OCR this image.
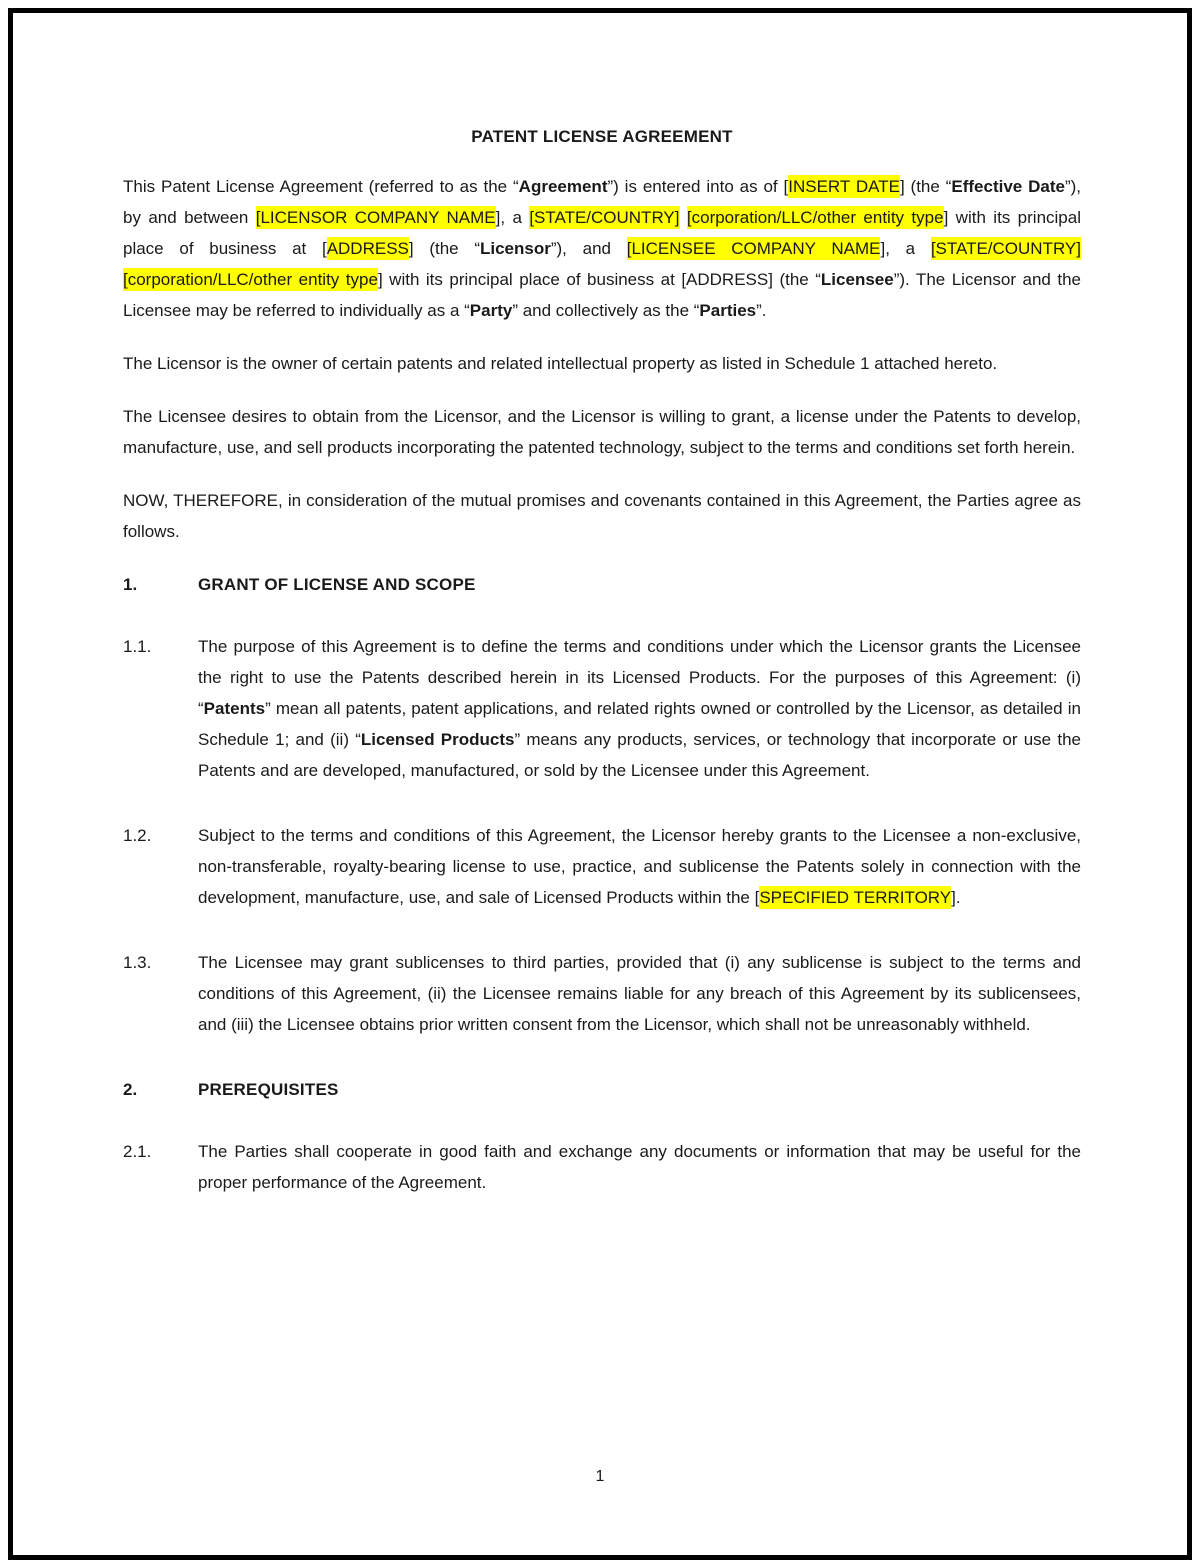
PATENT LICENSE AGREEMENT
This Patent License Agreement (referred to as the “Agreement”) is entered into as of [INSERT DATE] (the “Effective Date”), by and between [LICENSOR COMPANY NAME], a [STATE/COUNTRY] [corporation/LLC/other entity type] with its principal place of business at [ADDRESS] (the “Licensor”), and [LICENSEE COMPANY NAME], a [STATE/COUNTRY] [corporation/LLC/other entity type] with its principal place of business at [ADDRESS] (the “Licensee”). The Licensor and the Licensee may be referred to individually as a “Party” and collectively as the “Parties”.
The Licensor is the owner of certain patents and related intellectual property as listed in Schedule 1 attached hereto.
The Licensee desires to obtain from the Licensor, and the Licensor is willing to grant, a license under the Patents to develop, manufacture, use, and sell products incorporating the patented technology, subject to the terms and conditions set forth herein.
NOW, THEREFORE, in consideration of the mutual promises and covenants contained in this Agreement, the Parties agree as follows.
1.	GRANT OF LICENSE AND SCOPE
1.1.	The purpose of this Agreement is to define the terms and conditions under which the Licensor grants the Licensee the right to use the Patents described herein in its Licensed Products. For the purposes of this Agreement: (i) “Patents” mean all patents, patent applications, and related rights owned or controlled by the Licensor, as detailed in Schedule 1; and (ii) “Licensed Products” means any products, services, or technology that incorporate or use the Patents and are developed, manufactured, or sold by the Licensee under this Agreement.
1.2.	Subject to the terms and conditions of this Agreement, the Licensor hereby grants to the Licensee a non-exclusive, non-transferable, royalty-bearing license to use, practice, and sublicense the Patents solely in connection with the development, manufacture, use, and sale of Licensed Products within the [SPECIFIED TERRITORY].
1.3.	The Licensee may grant sublicenses to third parties, provided that (i) any sublicense is subject to the terms and conditions of this Agreement, (ii) the Licensee remains liable for any breach of this Agreement by its sublicensees, and (iii) the Licensee obtains prior written consent from the Licensor, which shall not be unreasonably withheld.
2.	PREREQUISITES
2.1.	The Parties shall cooperate in good faith and exchange any documents or information that may be useful for the proper performance of the Agreement.
1
